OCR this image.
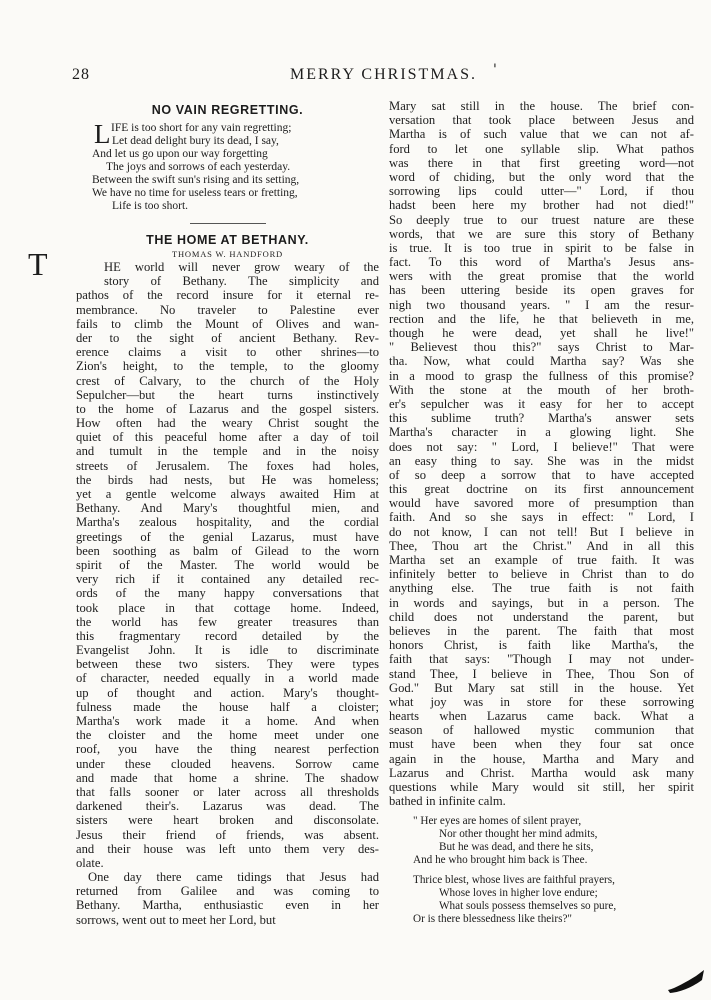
28	MERRY CHRISTMAS. '
NO VAIN REGRETTING.
L IFE is too short for any vain regretting;
Let dead delight bury its dead, I say,
And let us go upon our way forgetting
The joys and sorrows of each yesterday.
Between the swift sun's rising and its setting,
We have no time for useless tears or fretting,
Life is too short.
THE HOME AT BETHANY.
THOMAS W. HANDFORD
HE world will never grow weary of the
story of Bethany. The simplicity and
pathos of the record insure for it eternal re-
membrance. No traveler to Palestine ever
fails to climb the Mount of Olives and wan-
der to the sight of ancient Bethany. Rev-
erence claims a visit to other shrines—to
Zion's height, to the temple, to the gloomy
crest of Calvary, to the church of the Holy
Sepulcher—but the heart turns instinctively
to the home of Lazarus and the gospel sisters.
How often had the weary Christ sought the
quiet of this peaceful home after a day of toil
and tumult in the temple and in the noisy
streets of Jerusalem. The foxes had holes,
the birds had nests, but He was homeless;
yet a gentle welcome always awaited Him at
Bethany. And Mary's thoughtful mien, and
Martha's zealous hospitality, and the cordial
greetings of the genial Lazarus, must have
been soothing as balm of Gilead to the worn
spirit of the Master. The world would be
very rich if it contained any detailed rec-
ords of the many happy conversations that
took place in that cottage home. Indeed,
the world has few greater treasures than
this fragmentary record detailed by the
Evangelist John. It is idle to discriminate
between these two sisters. They were types
of character, needed equally in a world made
up of thought and action. Mary's thought-
fulness made the house half a cloister;
Martha's work made it a home. And when
the cloister and the home meet under one
roof, you have the thing nearest perfection
under these clouded heavens. Sorrow came
and made that home a shrine. The shadow
that falls sooner or later across all thresholds
darkened their's. Lazarus was dead. The
sisters were heart broken and disconsolate.
Jesus their friend of friends, was absent.
and their house was left unto them very des-
olate.
One day there came tidings that Jesus had
returned from Galilee and was coming to
Bethany. Martha, enthusiastic even in her
sorrows, went out to meet her Lord, but
T
Mary sat still in the house. The brief con-
versation that took place between Jesus and
Martha is of such value that we can not af-
ford to let one syllable slip. What pathos
was there in that first greeting word—not
word of chiding, but the only word that the
sorrowing lips could utter—" Lord, if thou
hadst been here my brother had not died!"
So deeply true to our truest nature are these
words, that we are sure this story of Bethany
is true. It is too true in spirit to be false in
fact. To this word of Martha's Jesus ans-
wers with the great promise that the world
has been uttering beside its open graves for
nigh two thousand years. " I am the resur-
rection and the life, he that believeth in me,
though he were dead, yet shall he live!"
" Believest thou this?" says Christ to Mar-
tha. Now, what could Martha say? Was she
in a mood to grasp the fullness of this promise?
With the stone at the mouth of her broth-
er's sepulcher was it easy for her to accept
this sublime truth? Martha's answer sets
Martha's character in a glowing light. She
does not say: " Lord, I believe!" That were
an easy thing to say. She was in the midst
of so deep a sorrow that to have accepted
this great doctrine on its first announcement
would have savored more of presumption than
faith. And so she says in effect: " Lord, I
do not know, I can not tell! But I believe in
Thee, Thou art the Christ." And in all this
Martha set an example of true faith. It was
infinitely better to believe in Christ than to do
anything else. The true faith is not faith
in words and sayings, but in a person. The
child does not understand the parent, but
believes in the parent. The faith that most
honors Christ, is faith like Martha's, the
faith that says: "Though I may not under-
stand Thee, I believe in Thee, Thou Son of
God." But Mary sat still in the house. Yet
what joy was in store for these sorrowing
hearts when Lazarus came back. What a
season of hallowed mystic communion that
must have been when they four sat once
again in the house, Martha and Mary and
Lazarus and Christ. Martha would ask many
questions while Mary would sit still, her spirit
bathed in infinite calm.
" Her eyes are homes of silent prayer,
Nor other thought her mind admits,
But he was dead, and there he sits,
And he who brought him back is Thee.
Thrice blest, whose lives are faithful prayers,
Whose loves in higher love endure;
What souls possess themselves so pure,
Or is there blessedness like theirs?"
